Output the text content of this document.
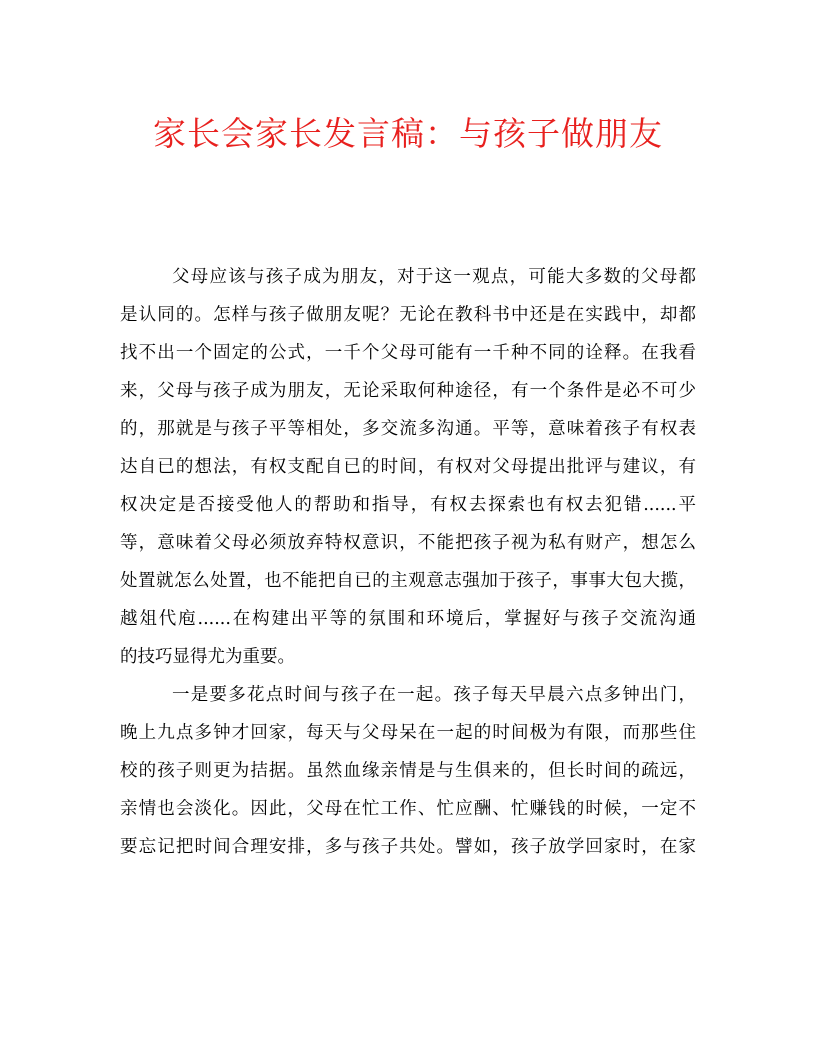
家长会家长发言稿：与孩子做朋友

父母应该与孩子成为朋友，对于这一观点，可能大多数的父母都
是认同的。怎样与孩子做朋友呢？无论在教科书中还是在实践中，却都
找不出一个固定的公式，一千个父母可能有一千种不同的诠释。在我看
来，父母与孩子成为朋友，无论采取何种途径，有一个条件是必不可少
的，那就是与孩子平等相处，多交流多沟通。平等，意味着孩子有权表
达自已的想法，有权支配自已的时间，有权对父母提出批评与建议，有
权决定是否接受他人的帮助和指导，有权去探索也有权去犯错......平
等，意味着父母必须放弃特权意识，不能把孩子视为私有财产，想怎么
处置就怎么处置，也不能把自已的主观意志强加于孩子，事事大包大揽，
越俎代庖......在构建出平等的氛围和环境后，掌握好与孩子交流沟通
的技巧显得尤为重要。

一是要多花点时间与孩子在一起。孩子每天早晨六点多钟出门，
晚上九点多钟才回家，每天与父母呆在一起的时间极为有限，而那些住
校的孩子则更为拮据。虽然血缘亲情是与生俱来的，但长时间的疏远，
亲情也会淡化。因此，父母在忙工作、忙应酬、忙赚钱的时候，一定不
要忘记把时间合理安排，多与孩子共处。譬如，孩子放学回家时，在家
